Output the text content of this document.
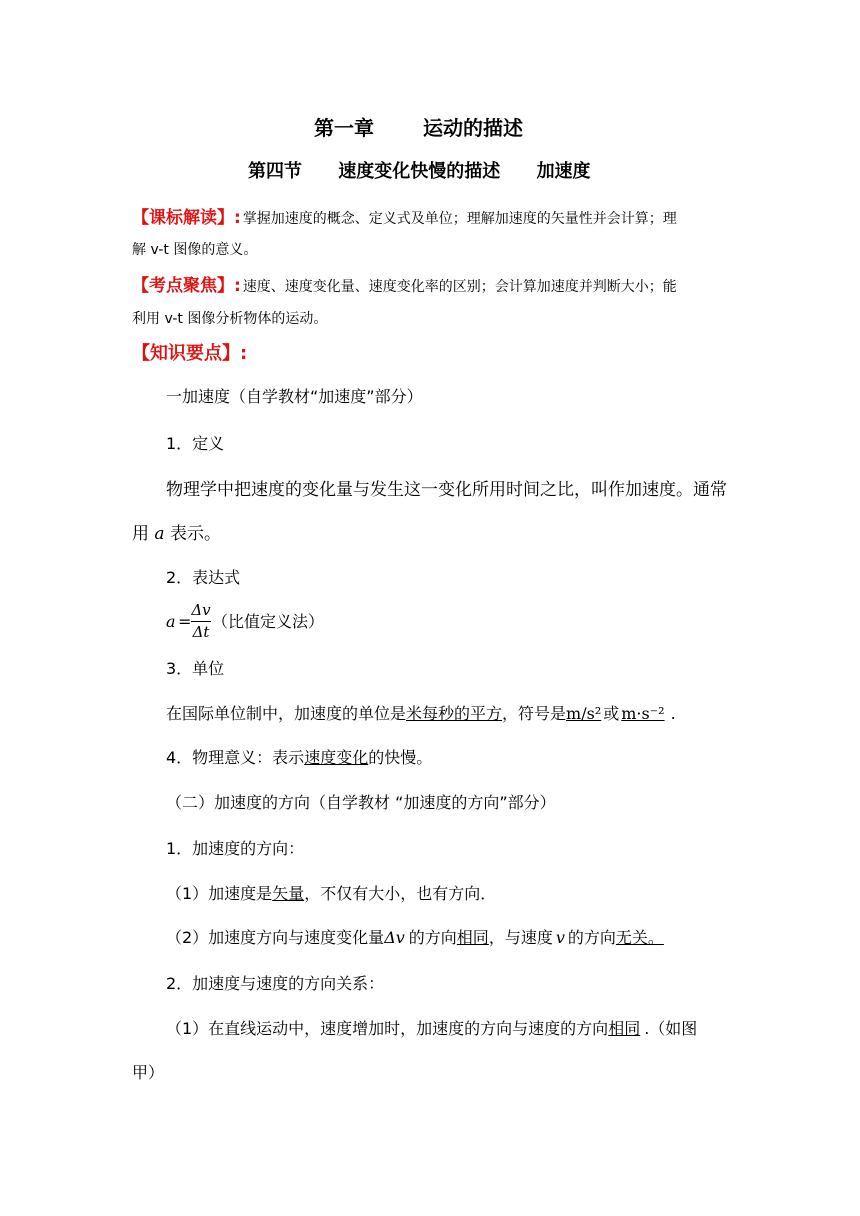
第一章 运动的描述
第四节 速度变化快慢的描述 加速度
【课标解读】: 掌握加速度的概念、定义式及单位；理解加速度的矢量性并会计算；理
解 v-t 图像的意义。
【考点聚焦】: 速度、速度变化量、速度变化率的区别；会计算加速度并判断大小；能
利用 v-t 图像分析物体的运动。
【知识要点】:
一加速度（自学教材“加速度”部分）
1．定义
物理学中把速度的变化量与发生这一变化所用时间之比，叫作加速度。通常
用 a 表示。
2．表达式
a =
Δv
Δt
（比值定义法）
3．单位
在国际单位制中，加速度的单位是米每秒的平方，符号是m/s² 或 m·s⁻² .
4．物理意义：表示速度变化的快慢。
（二）加速度的方向（自学教材 “加速度的方向”部分）
1．加速度的方向：
（1）加速度是矢量，不仅有大小，也有方向．
（2）加速度方向与速度变化量Δv 的方向相同，与速度 v 的方向无关。
2．加速度与速度的方向关系：
（1）在直线运动中，速度增加时，加速度的方向与速度的方向相同 .（如图
甲）
